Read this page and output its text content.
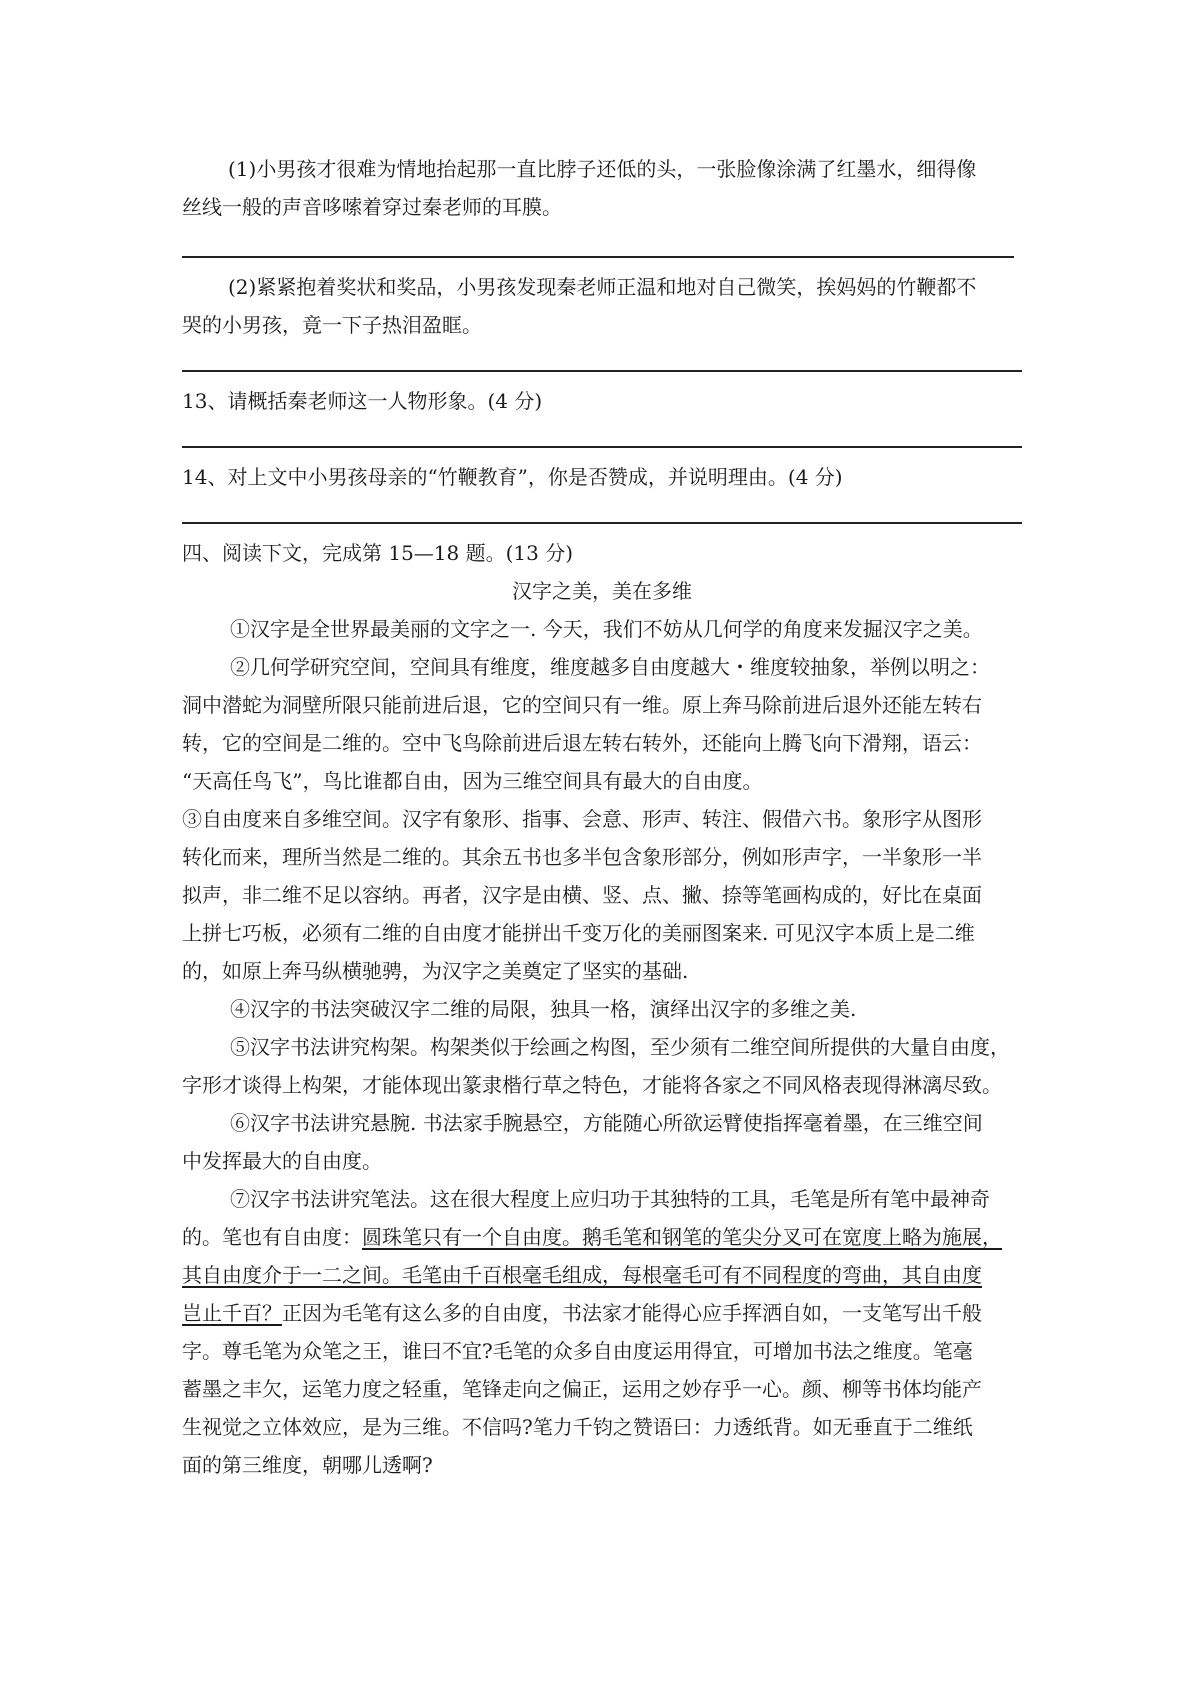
(1)小男孩才很难为情地抬起那一直比脖子还低的头，一张脸像涂满了红墨水，细得像
丝线一般的声音哆嗦着穿过秦老师的耳膜。
(2)紧紧抱着奖状和奖品，小男孩发现秦老师正温和地对自己微笑，挨妈妈的竹鞭都不
哭的小男孩，竟一下子热泪盈眶。
13、请概括秦老师这一人物形象。(4 分)
14、对上文中小男孩母亲的“竹鞭教育”，你是否赞成，并说明理由。(4 分)
四、阅读下文，完成第 15—18 题。(13 分)
汉字之美，美在多维
①汉字是全世界最美丽的文字之一. 今天，我们不妨从几何学的角度来发掘汉字之美。
②几何学研究空间，空间具有维度，维度越多自由度越大・维度较抽象，举例以明之：
洞中潜蛇为洞壁所限只能前进后退，它的空间只有一维。原上奔马除前进后退外还能左转右
转，它的空间是二维的。空中飞鸟除前进后退左转右转外，还能向上腾飞向下滑翔，语云：
“天高任鸟飞”，鸟比谁都自由，因为三维空间具有最大的自由度。
③自由度来自多维空间。汉字有象形、指事、会意、形声、转注、假借六书。象形字从图形
转化而来，理所当然是二维的。其余五书也多半包含象形部分，例如形声字，一半象形一半
拟声，非二维不足以容纳。再者，汉字是由横、竖、点、撇、捺等笔画构成的，好比在桌面
上拼七巧板，必须有二维的自由度才能拼出千变万化的美丽图案来. 可见汉字本质上是二维
的，如原上奔马纵横驰骋，为汉字之美奠定了坚实的基础.
④汉字的书法突破汉字二维的局限，独具一格，演绎出汉字的多维之美.
⑤汉字书法讲究构架。构架类似于绘画之构图，至少须有二维空间所提供的大量自由度，
字形才谈得上构架，才能体现出篆隶楷行草之特色，才能将各家之不同风格表现得淋漓尽致。
⑥汉字书法讲究悬腕. 书法家手腕悬空，方能随心所欲运臂使指挥毫着墨，在三维空间
中发挥最大的自由度。
⑦汉字书法讲究笔法。这在很大程度上应归功于其独特的工具，毛笔是所有笔中最神奇
的。笔也有自由度：圆珠笔只有一个自由度。鹅毛笔和钢笔的笔尖分叉可在宽度上略为施展，
其自由度介于一二之间。毛笔由千百根毫毛组成，每根毫毛可有不同程度的弯曲，其自由度
岂止千百？正因为毛笔有这么多的自由度，书法家才能得心应手挥洒自如，一支笔写出千般
字。尊毛笔为众笔之王，谁曰不宜?毛笔的众多自由度运用得宜，可增加书法之维度。笔毫
蓄墨之丰欠，运笔力度之轻重，笔锋走向之偏正，运用之妙存乎一心。颜、柳等书体均能产
生视觉之立体效应，是为三维。不信吗?笔力千钧之赞语曰：力透纸背。如无垂直于二维纸
面的第三维度，朝哪儿透啊?
